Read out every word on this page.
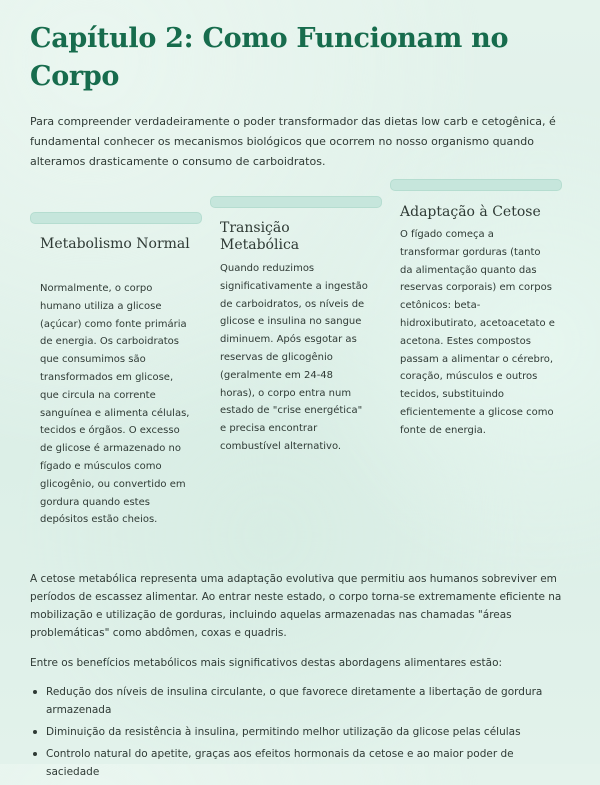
Capítulo 2: Como Funcionam no Corpo

Para compreender verdadeiramente o poder transformador das dietas low carb e cetogênica, é fundamental conhecer os mecanismos biológicos que ocorrem no nosso organismo quando alteramos drasticamente o consumo de carboidratos.

Metabolismo Normal

Normalmente, o corpo humano utiliza a glicose (açúcar) como fonte primária de energia. Os carboidratos que consumimos são transformados em glicose, que circula na corrente sanguínea e alimenta células, tecidos e órgãos. O excesso de glicose é armazenado no fígado e músculos como glicogênio, ou convertido em gordura quando estes depósitos estão cheios.

Transição Metabólica

Quando reduzimos significativamente a ingestão de carboidratos, os níveis de glicose e insulina no sangue diminuem. Após esgotar as reservas de glicogênio (geralmente em 24-48 horas), o corpo entra num estado de "crise energética" e precisa encontrar combustível alternativo.

Adaptação à Cetose

O fígado começa a transformar gorduras (tanto da alimentação quanto das reservas corporais) em corpos cetônicos: beta-hidroxibutirato, acetoacetato e acetona. Estes compostos passam a alimentar o cérebro, coração, músculos e outros tecidos, substituindo eficientemente a glicose como fonte de energia.

A cetose metabólica representa uma adaptação evolutiva que permitiu aos humanos sobreviver em períodos de escassez alimentar. Ao entrar neste estado, o corpo torna-se extremamente eficiente na mobilização e utilização de gorduras, incluindo aquelas armazenadas nas chamadas "áreas problemáticas" como abdômen, coxas e quadris.

Entre os benefícios metabólicos mais significativos destas abordagens alimentares estão:

Redução dos níveis de insulina circulante, o que favorece diretamente a libertação de gordura armazenada
Diminuição da resistência à insulina, permitindo melhor utilização da glicose pelas células
Controlo natural do apetite, graças aos efeitos hormonais da cetose e ao maior poder de saciedade
